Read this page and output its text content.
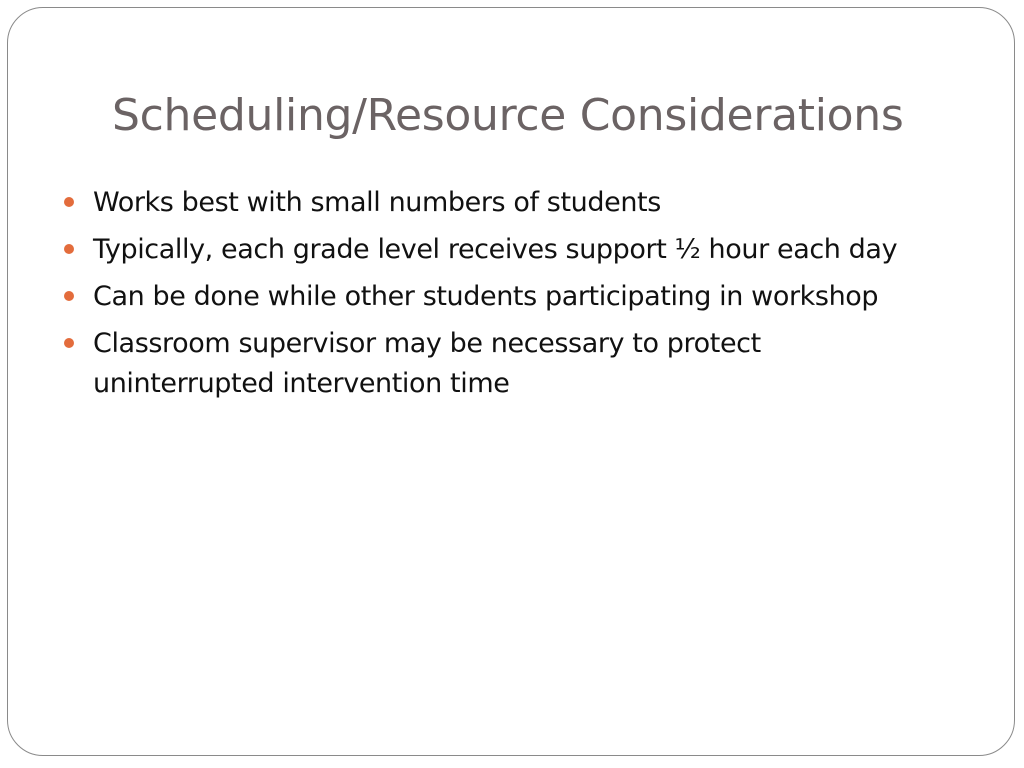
Scheduling/Resource Considerations
Works best with small numbers of students
Typically, each grade level receives support ½ hour each day
Can be done while other students participating in workshop
Classroom supervisor may be necessary to protect uninterrupted intervention time
